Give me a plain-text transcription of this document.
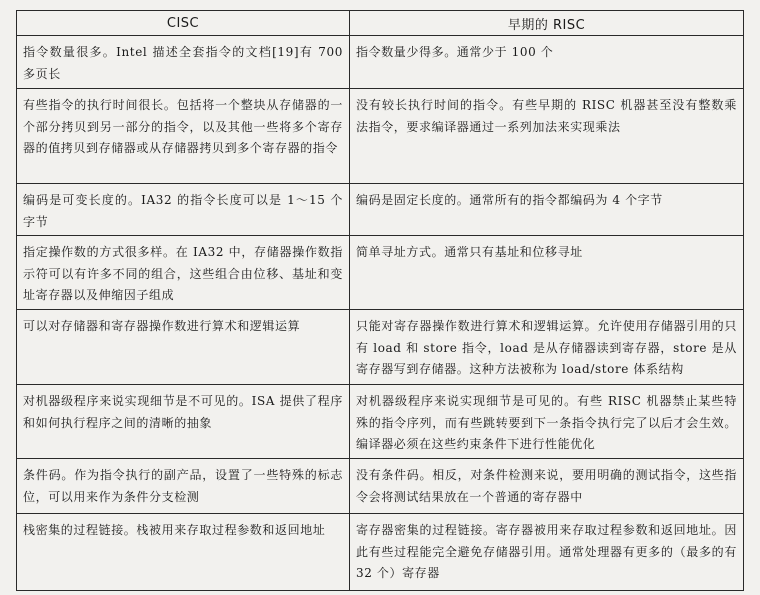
CISC	早期的 RISC
指令数量很多。Intel 描述全套指令的文档[19]有 700 多页长	指令数量少得多。通常少于 100 个
有些指令的执行时间很长。包括将一个整块从存储器的一个部分拷贝到另一部分的指令，以及其他一些将多个寄存器的值拷贝到存储器或从存储器拷贝到多个寄存器的指令	没有较长执行时间的指令。有些早期的 RISC 机器甚至没有整数乘法指令，要求编译器通过一系列加法来实现乘法
编码是可变长度的。IA32 的指令长度可以是 1～15 个字节	编码是固定长度的。通常所有的指令都编码为 4 个字节
指定操作数的方式很多样。在 IA32 中，存储器操作数指示符可以有许多不同的组合，这些组合由位移、基址和变址寄存器以及伸缩因子组成	简单寻址方式。通常只有基址和位移寻址
可以对存储器和寄存器操作数进行算术和逻辑运算	只能对寄存器操作数进行算术和逻辑运算。允许使用存储器引用的只有 load 和 store 指令，load 是从存储器读到寄存器，store 是从寄存器写到存储器。这种方法被称为 load/store 体系结构
对机器级程序来说实现细节是不可见的。ISA 提供了程序和如何执行程序之间的清晰的抽象	对机器级程序来说实现细节是可见的。有些 RISC 机器禁止某些特殊的指令序列，而有些跳转要到下一条指令执行完了以后才会生效。编译器必须在这些约束条件下进行性能优化
条件码。作为指令执行的副产品，设置了一些特殊的标志位，可以用来作为条件分支检测	没有条件码。相反，对条件检测来说，要用明确的测试指令，这些指令会将测试结果放在一个普通的寄存器中
栈密集的过程链接。栈被用来存取过程参数和返回地址	寄存器密集的过程链接。寄存器被用来存取过程参数和返回地址。因此有些过程能完全避免存储器引用。通常处理器有更多的（最多的有 32 个）寄存器
